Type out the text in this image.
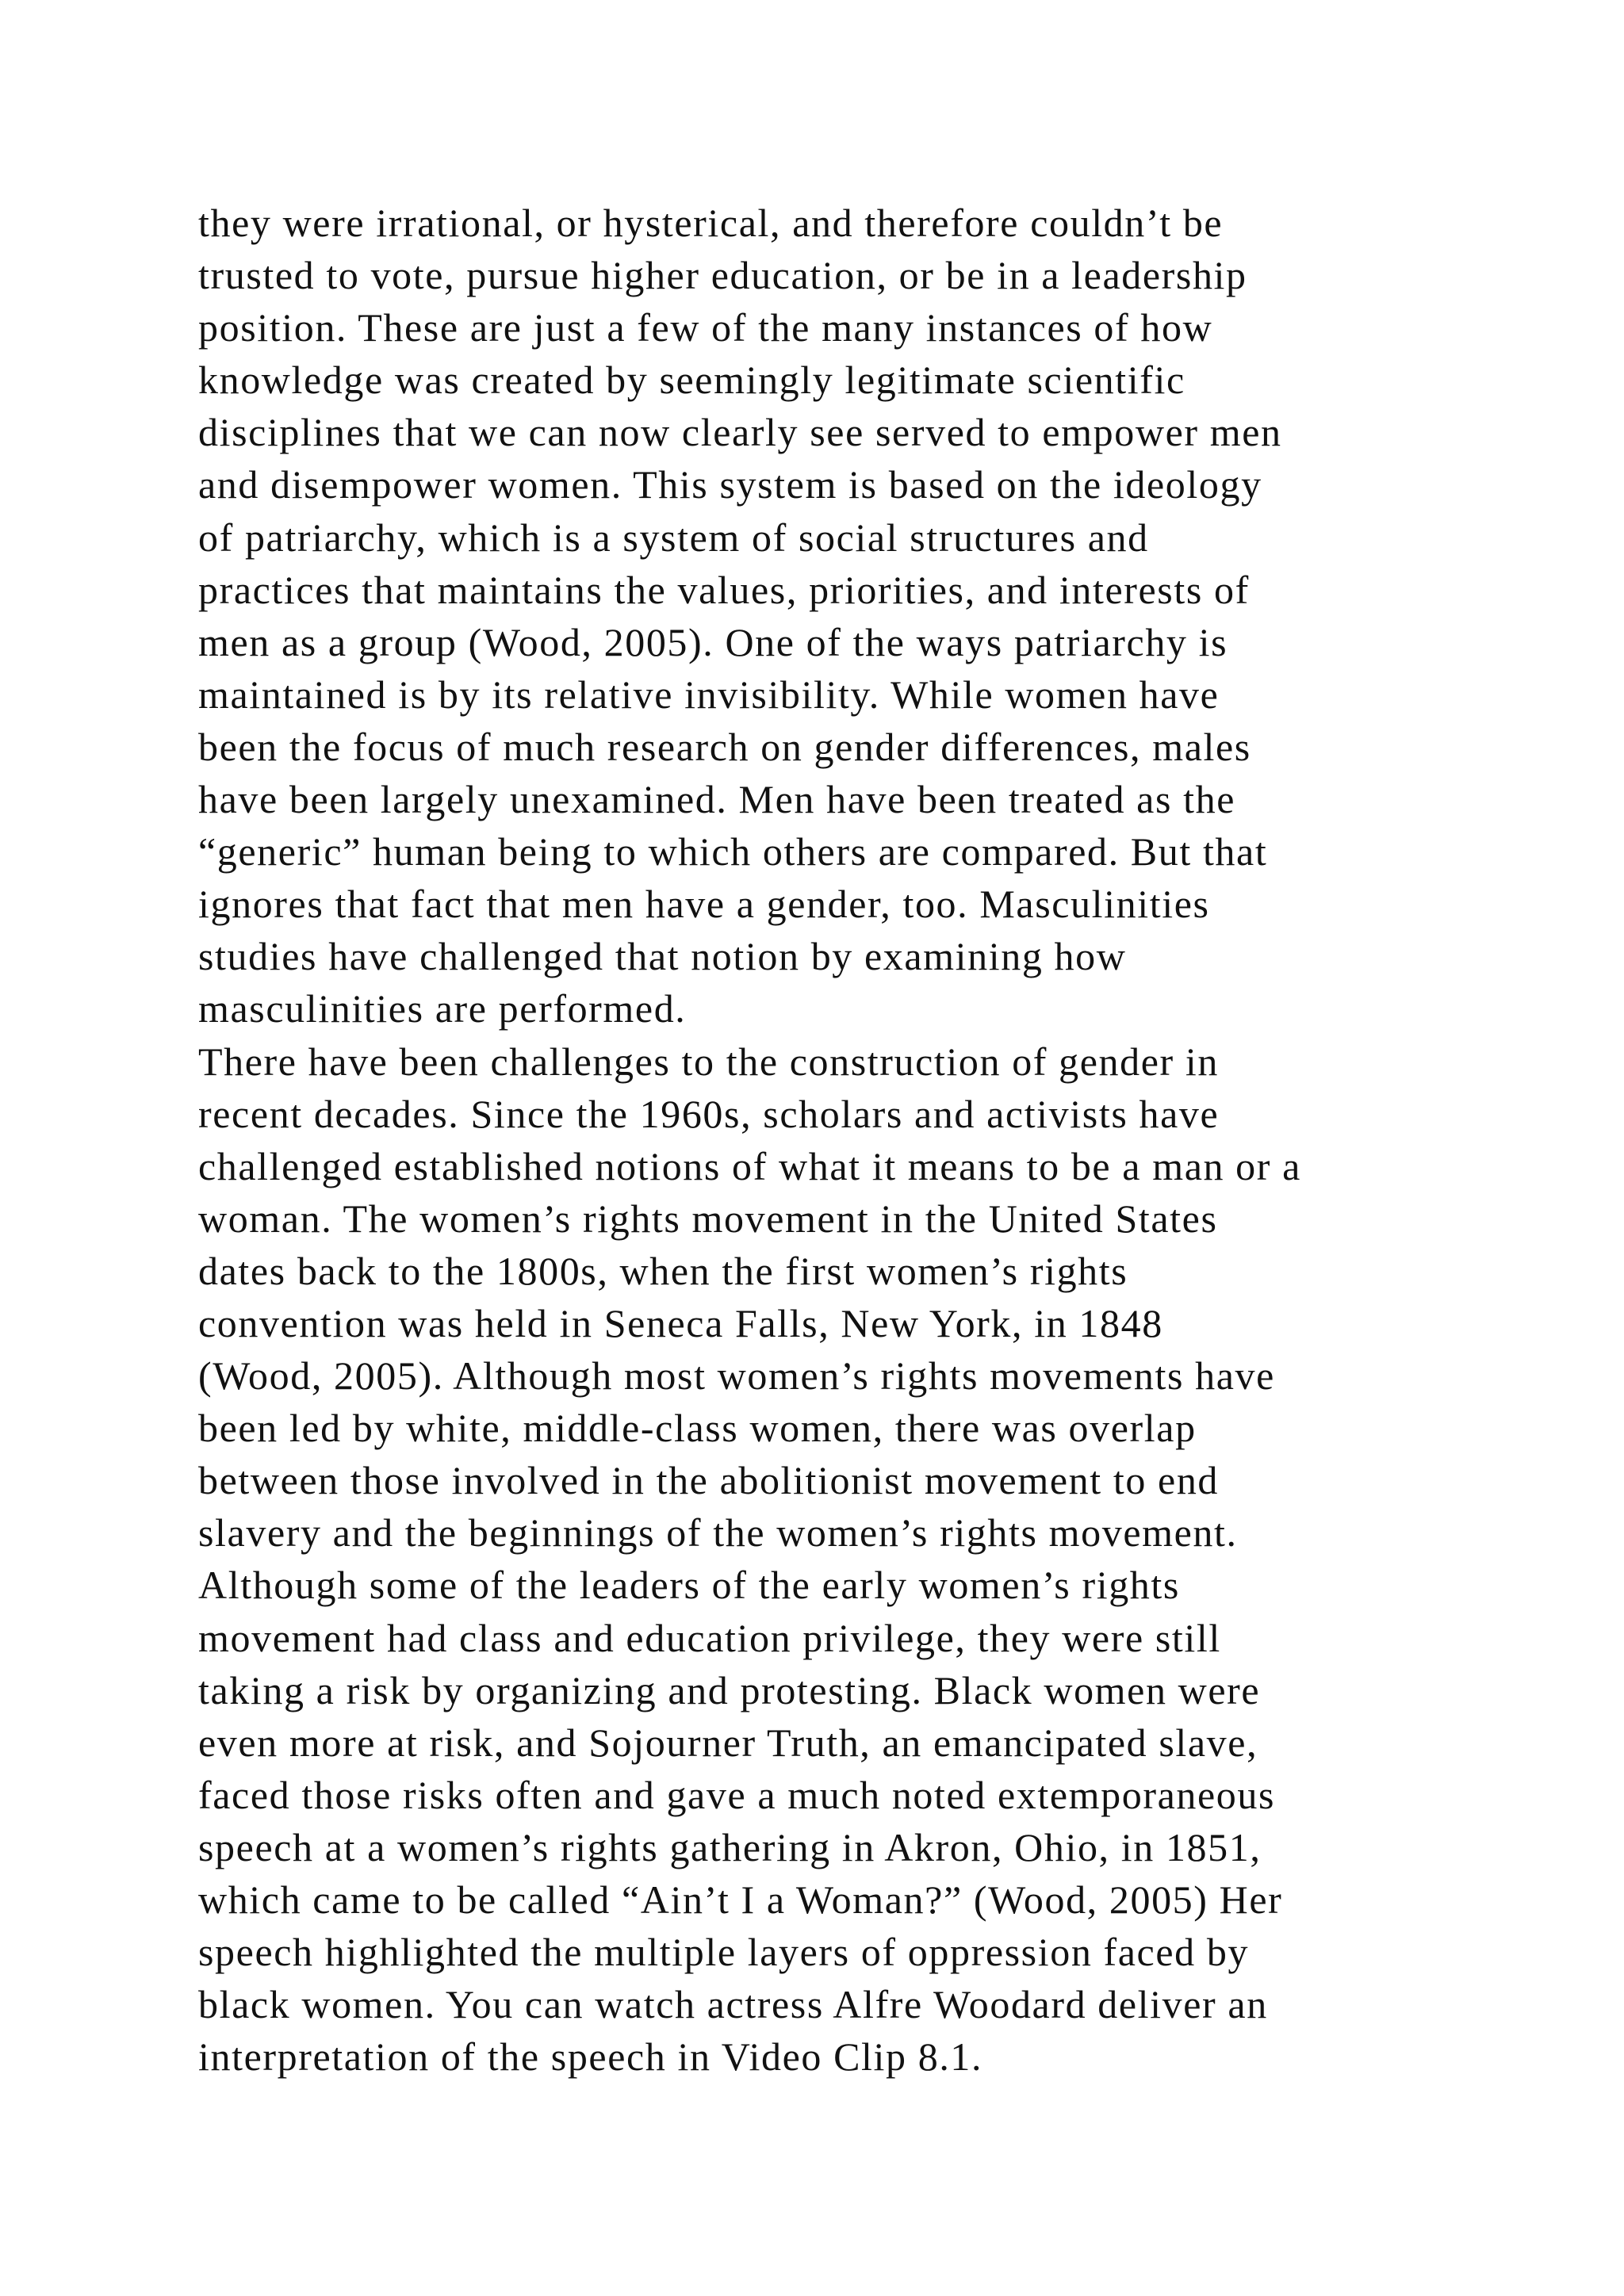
they were irrational, or hysterical, and therefore couldn’t be
trusted to vote, pursue higher education, or be in a leadership
position. These are just a few of the many instances of how
knowledge was created by seemingly legitimate scientific
disciplines that we can now clearly see served to empower men
and disempower women. This system is based on the ideology
of patriarchy, which is a system of social structures and
practices that maintains the values, priorities, and interests of
men as a group (Wood, 2005). One of the ways patriarchy is
maintained is by its relative invisibility. While women have
been the focus of much research on gender differences, males
have been largely unexamined. Men have been treated as the
“generic” human being to which others are compared. But that
ignores that fact that men have a gender, too. Masculinities
studies have challenged that notion by examining how
masculinities are performed.
There have been challenges to the construction of gender in
recent decades. Since the 1960s, scholars and activists have
challenged established notions of what it means to be a man or a
woman. The women’s rights movement in the United States
dates back to the 1800s, when the first women’s rights
convention was held in Seneca Falls, New York, in 1848
(Wood, 2005). Although most women’s rights movements have
been led by white, middle-class women, there was overlap
between those involved in the abolitionist movement to end
slavery and the beginnings of the women’s rights movement.
Although some of the leaders of the early women’s rights
movement had class and education privilege, they were still
taking a risk by organizing and protesting. Black women were
even more at risk, and Sojourner Truth, an emancipated slave,
faced those risks often and gave a much noted extemporaneous
speech at a women’s rights gathering in Akron, Ohio, in 1851,
which came to be called “Ain’t I a Woman?” (Wood, 2005) Her
speech highlighted the multiple layers of oppression faced by
black women. You can watch actress Alfre Woodard deliver an
interpretation of the speech in Video Clip 8.1.
